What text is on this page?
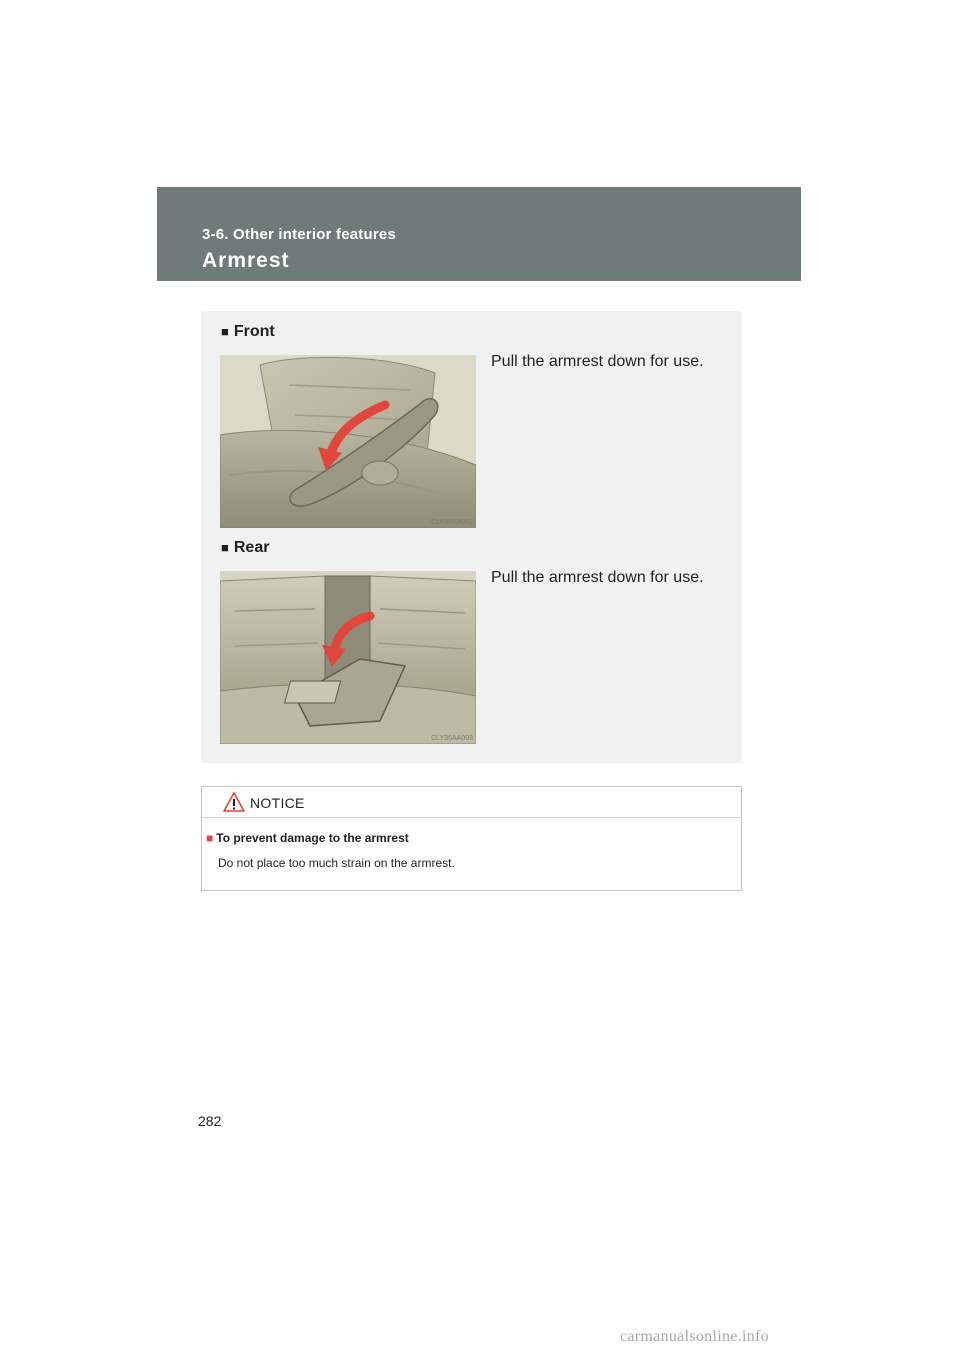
3-6. Other interior features
Armrest
■ Front
Pull the armrest down for use.
CLY36AA002
■ Rear
Pull the armrest down for use.
CLY36AA003
NOTICE
■ To prevent damage to the armrest
Do not place too much strain on the armrest.
282
carmanualsonline.info
